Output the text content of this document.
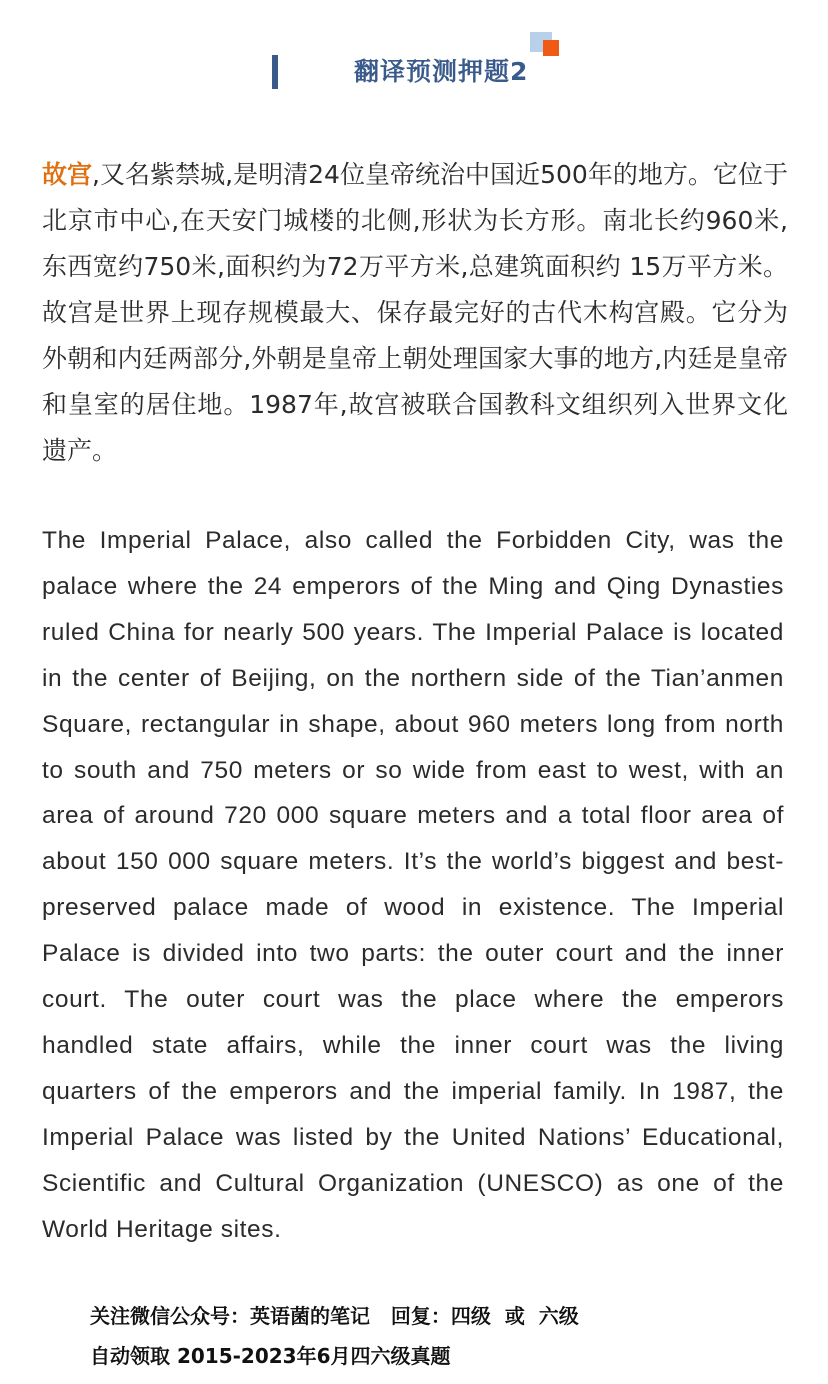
翻译预测押题2

故宫,又名紫禁城,是明清24位皇帝统治中国近500年的地方。它位于北京市中心,在天安门城楼的北侧,形状为长方形。南北长约960米,东西宽约750米,面积约为72万平方米,总建筑面积约 15万平方米。故宫是世界上现存规模最大、保存最完好的古代木构宫殿。它分为外朝和内廷两部分,外朝是皇帝上朝处理国家大事的地方,内廷是皇帝和皇室的居住地。1987年,故宫被联合国教科文组织列入世界文化遗产。

The Imperial Palace, also called the Forbidden City, was the palace where the 24 emperors of the Ming and Qing Dynasties ruled China for nearly 500 years. The Imperial Palace is located in the center of Beijing, on the northern side of the Tian’anmen Square, rectangular in shape, about 960 meters long from north to south and 750 meters or so wide from east to west, with an area of around 720 000 square meters and a total floor area of about 150 000 square meters. It’s the world’s biggest and best-preserved palace made of wood in existence. The Imperial Palace is divided into two parts: the outer court and the inner court. The outer court was the place where the emperors handled state affairs, while the inner court was the living quarters of the emperors and the imperial family. In 1987, the Imperial Palace was listed by the United Nations’ Educational, Scientific and Cultural Organization (UNESCO) as one of the World Heritage sites.

关注微信公众号：英语菌的笔记   回复：四级  或  六级
自动领取 2015-2023年6月四六级真题
